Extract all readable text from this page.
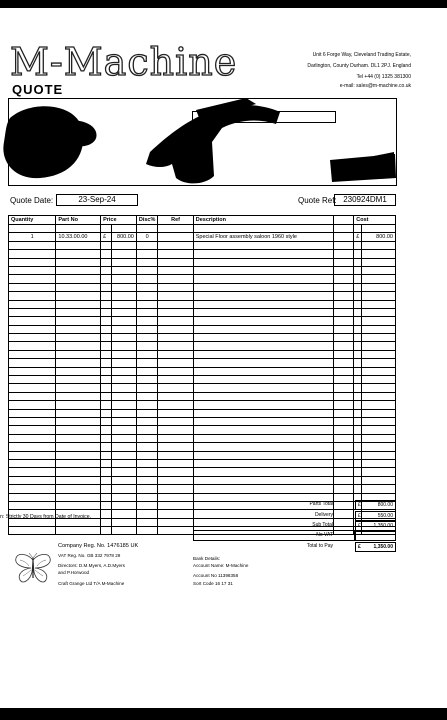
M-Machine
QUOTE
Unit 6 Forge Way, Cleveland Trading Estate,
Darlington, County Durham. DL1 2PJ. England
Tel +44 (0) 1325 381300
e-mail: sales@m-machine.co.uk
Quote Date:	23-Sep-24	Quote Ref: 230924DM1
Quantity	Part No	Price		Disc%	Ref	Description		Cost	

1	10.33.00.00	£	800.00	0		Special Floor assembly saloon 1960 style		£	800.00

n: Strictly 30 Days from Date of Invoice.
Parts Total	£	800.00
Delivery	£	550.00
Sub Total	£	1,350.00
No VAT
Total to Pay	£	1,350.00
Company Reg. No. 1476185 UK
VAT Reg. No. GB 332 7978 29
Directors: D.M.Myers, A.D.Myers
and P.Horwood
Craft Grange Ltd T/A M-Machine
Bank Details:
Account Name: M-Machine
Account No 11398358
Sort Code 16 17 31
